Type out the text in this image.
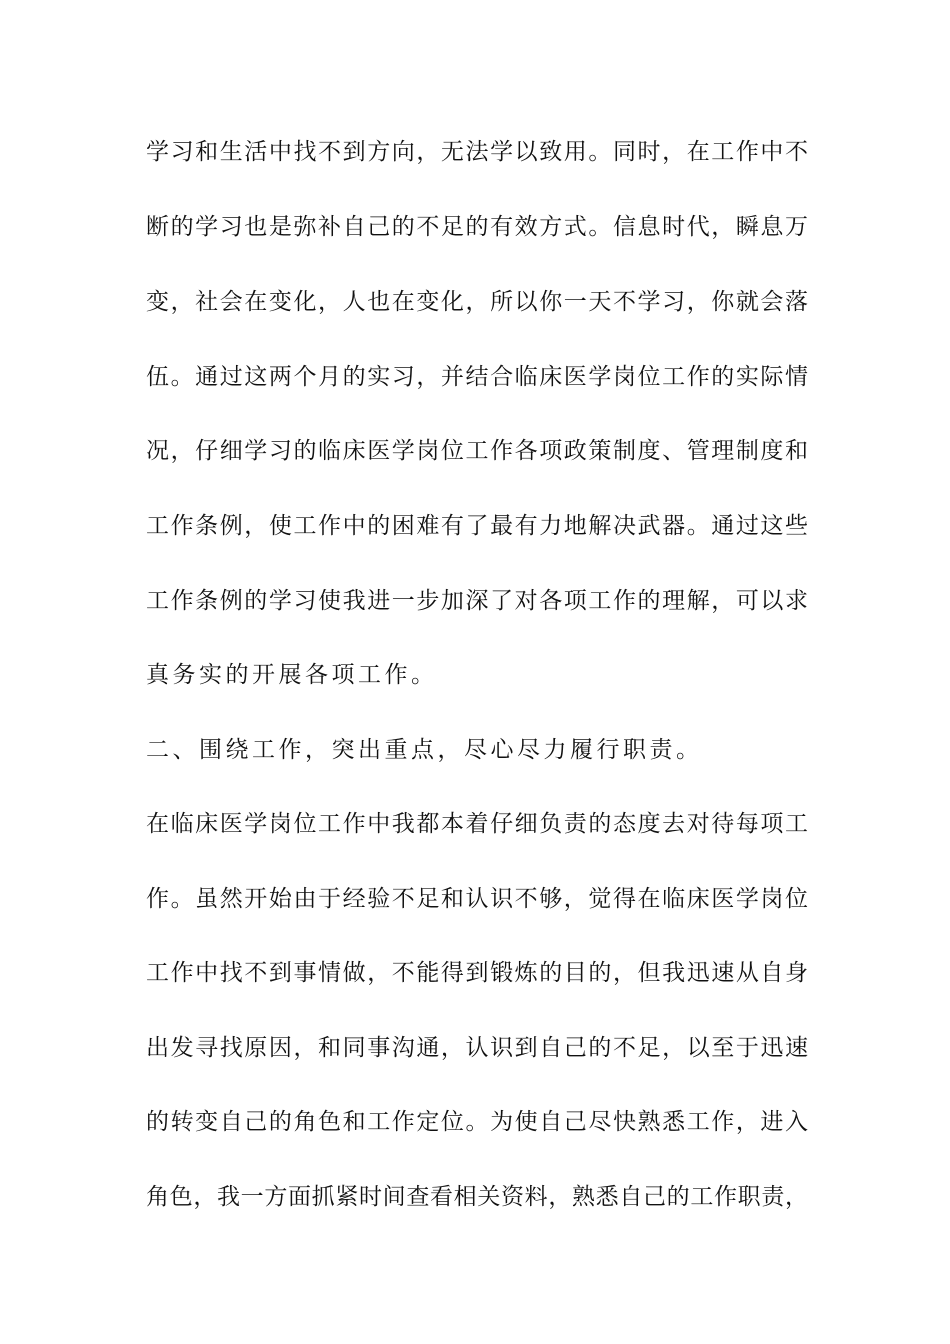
学习和生活中找不到方向，无法学以致用。同时，在工作中不
断的学习也是弥补自己的不足的有效方式。信息时代，瞬息万
变，社会在变化，人也在变化，所以你一天不学习，你就会落
伍。通过这两个月的实习，并结合临床医学岗位工作的实际情
况，仔细学习的临床医学岗位工作各项政策制度、管理制度和
工作条例，使工作中的困难有了最有力地解决武器。通过这些
工作条例的学习使我进一步加深了对各项工作的理解，可以求
真务实的开展各项工作。
二、围绕工作，突出重点，尽心尽力履行职责。
在临床医学岗位工作中我都本着仔细负责的态度去对待每项工
作。虽然开始由于经验不足和认识不够，觉得在临床医学岗位
工作中找不到事情做，不能得到锻炼的目的，但我迅速从自身
出发寻找原因，和同事沟通，认识到自己的不足，以至于迅速
的转变自己的角色和工作定位。为使自己尽快熟悉工作，进入
角色，我一方面抓紧时间查看相关资料，熟悉自己的工作职责，
